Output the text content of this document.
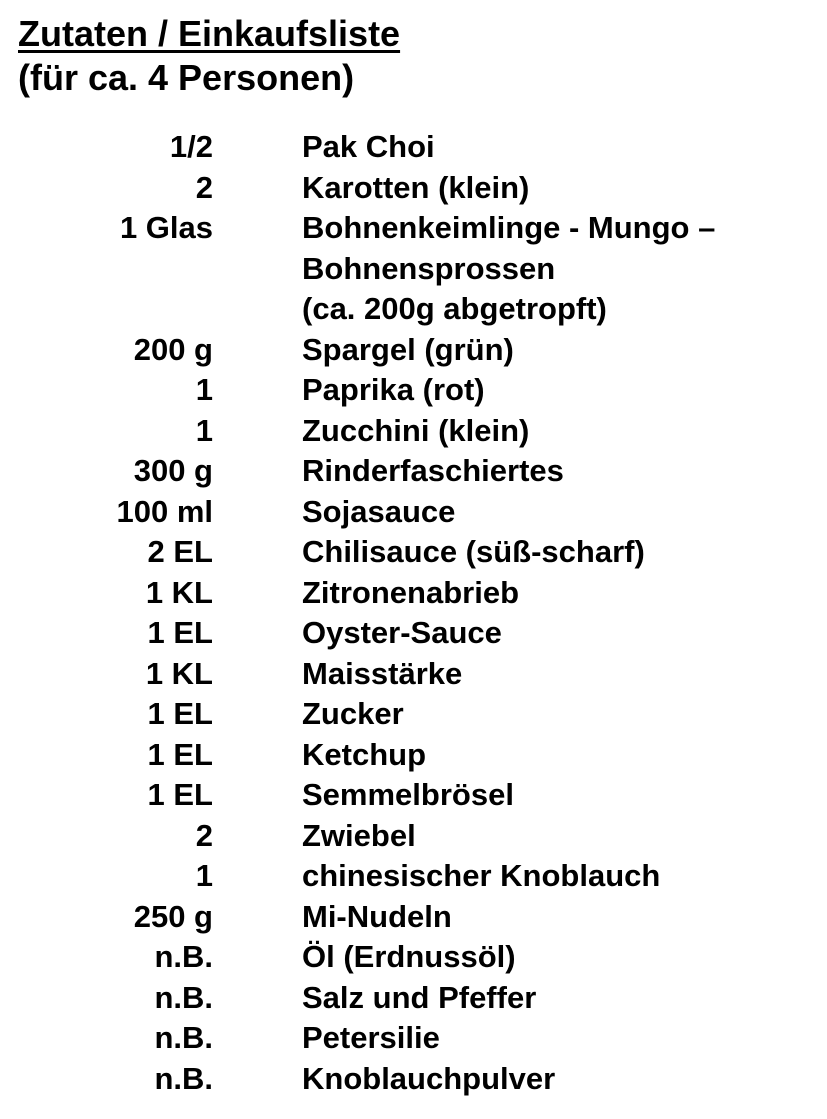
Zutaten / Einkaufsliste
(für ca. 4 Personen)
1/2	Pak Choi
2	Karotten (klein)
1 Glas	Bohnenkeimlinge - Mungo –
Bohnensprossen
(ca. 200g abgetropft)
200 g	Spargel (grün)
1	Paprika (rot)
1	Zucchini (klein)
300 g	Rinderfaschiertes
100 ml	Sojasauce
2 EL	Chilisauce (süß-scharf)
1 KL	Zitronenabrieb
1 EL	Oyster-Sauce
1 KL	Maisstärke
1 EL	Zucker
1 EL	Ketchup
1 EL	Semmelbrösel
2	Zwiebel
1	chinesischer Knoblauch
250 g	Mi-Nudeln
n.B.	Öl (Erdnussöl)
n.B.	Salz und Pfeffer
n.B.	Petersilie
n.B.	Knoblauchpulver
